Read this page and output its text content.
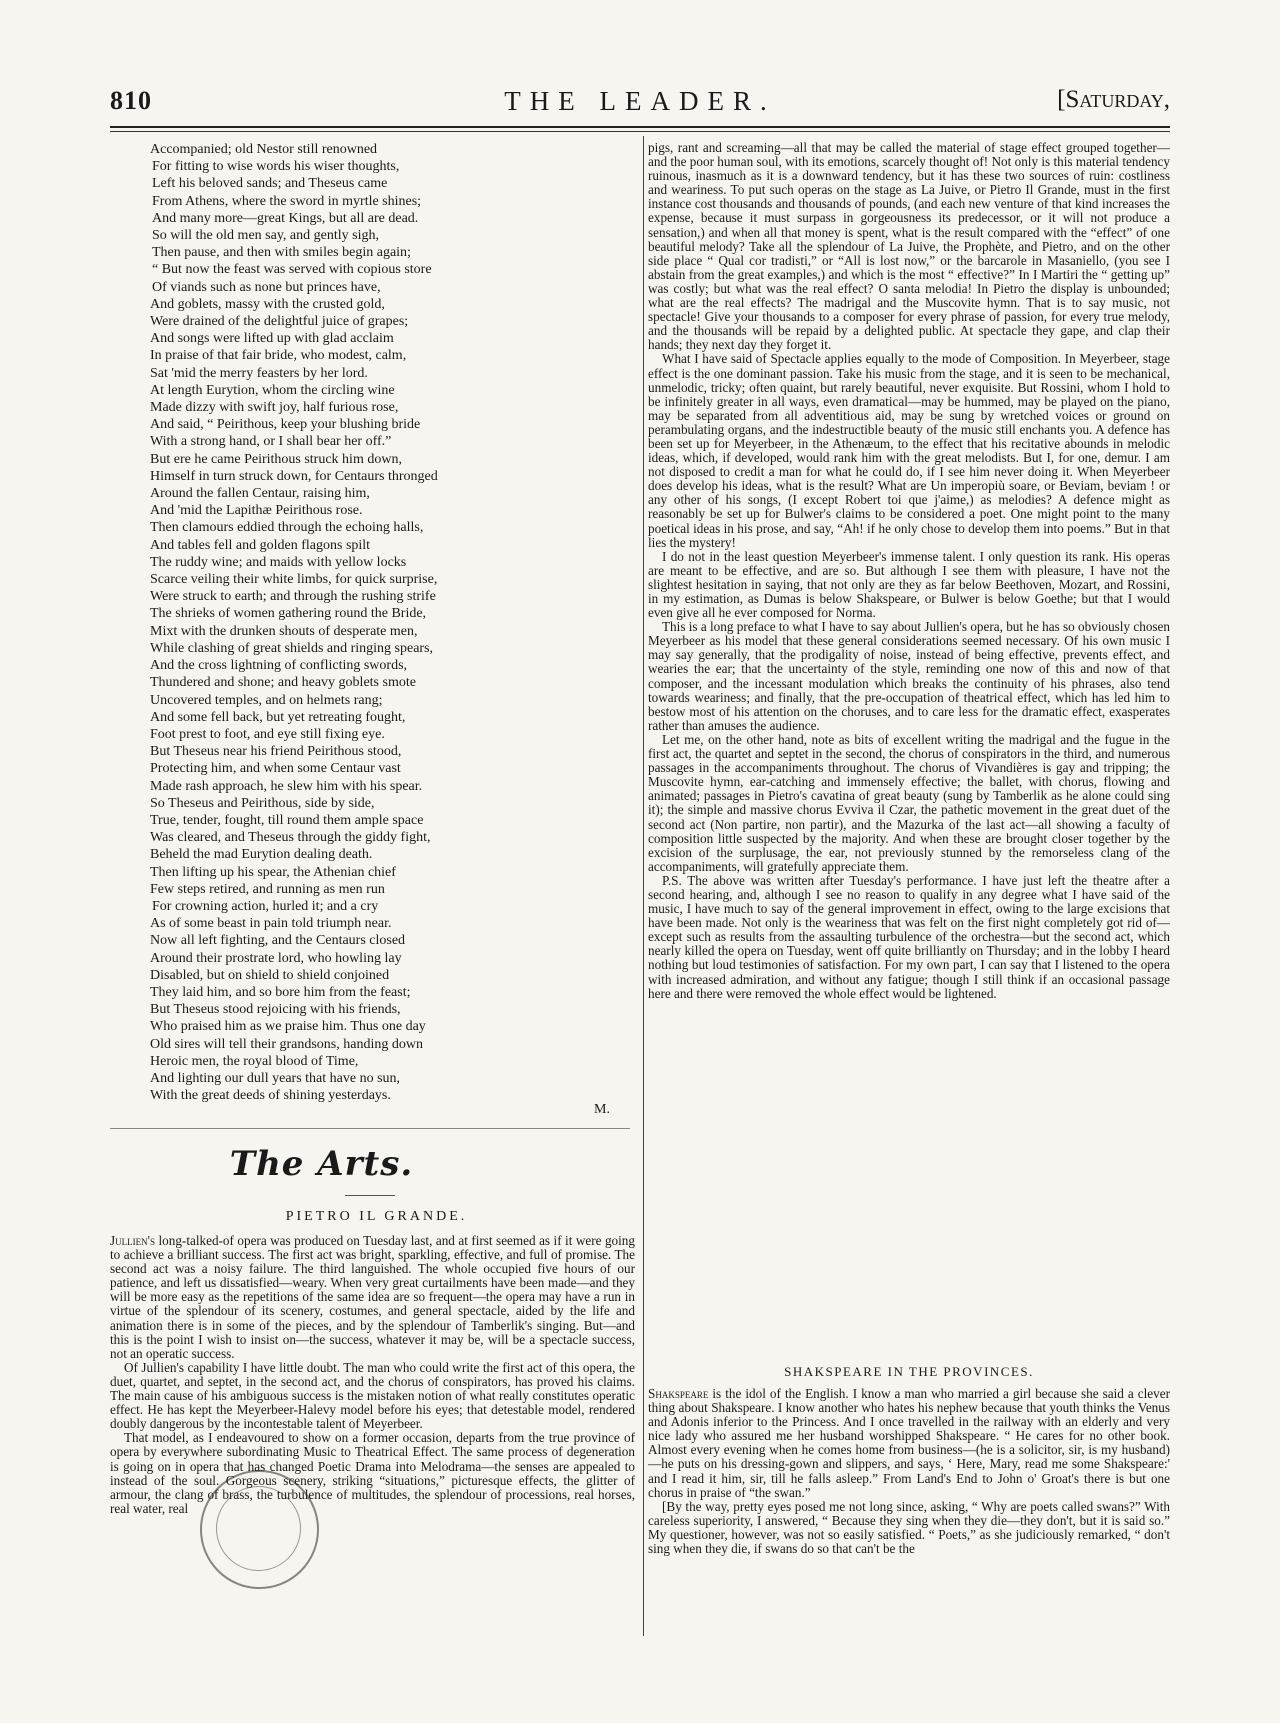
810	THE LEADER.	[Saturday,
Accompanied; old Nestor still renowned
For fitting to wise words his wiser thoughts,
Left his beloved sands; and Theseus came
From Athens, where the sword in myrtle shines;
And many more—great Kings, but all are dead.
So will the old men say, and gently sigh,
Then pause, and then with smiles begin again;
“ But now the feast was served with copious store
Of viands such as none but princes have,
And goblets, massy with the crusted gold,
Were drained of the delightful juice of grapes;
And songs were lifted up with glad acclaim
In praise of that fair bride, who modest, calm,
Sat 'mid the merry feasters by her lord.
At length Eurytion, whom the circling wine
Made dizzy with swift joy, half furious rose,
And said, “ Peirithous, keep your blushing bride
With a strong hand, or I shall bear her off.”
But ere he came Peirithous struck him down,
Himself in turn struck down, for Centaurs thronged
Around the fallen Centaur, raising him,
And 'mid the Lapithæ Peirithous rose.
Then clamours eddied through the echoing halls,
And tables fell and golden flagons spilt
The ruddy wine; and maids with yellow locks
Scarce veiling their white limbs, for quick surprise,
Were struck to earth; and through the rushing strife
The shrieks of women gathering round the Bride,
Mixt with the drunken shouts of desperate men,
While clashing of great shields and ringing spears,
And the cross lightning of conflicting swords,
Thundered and shone; and heavy goblets smote
Uncovered temples, and on helmets rang;
And some fell back, but yet retreating fought,
Foot prest to foot, and eye still fixing eye.
But Theseus near his friend Peirithous stood,
Protecting him, and when some Centaur vast
Made rash approach, he slew him with his spear.
So Theseus and Peirithous, side by side,
True, tender, fought, till round them ample space
Was cleared, and Theseus through the giddy fight,
Beheld the mad Eurytion dealing death.
Then lifting up his spear, the Athenian chief
Few steps retired, and running as men run
For crowning action, hurled it; and a cry
As of some beast in pain told triumph near.
Now all left fighting, and the Centaurs closed
Around their prostrate lord, who howling lay
Disabled, but on shield to shield conjoined
They laid him, and so bore him from the feast;
But Theseus stood rejoicing with his friends,
Who praised him as we praise him. Thus one day
Old sires will tell their grandsons, handing down
Heroic men, the royal blood of Time,
And lighting our dull years that have no sun,
With the great deeds of shining yesterdays.
M.
The Arts.
PIETRO IL GRANDE.

Jullien's long-talked-of opera was produced on Tuesday last, and at first seemed as if it were going to achieve a brilliant success. The first act was bright, sparkling, effective, and full of promise. The second act was a noisy failure. The third languished. The whole occupied five hours of our patience, and left us dissatisfied—weary. When very great curtailments have been made—and they will be more easy as the repetitions of the same idea are so frequent—the opera may have a run in virtue of the splendour of its scenery, costumes, and general spectacle, aided by the life and animation there is in some of the pieces, and by the splendour of Tamberlik's singing. But—and this is the point I wish to insist on—the success, whatever it may be, will be a spectacle success, not an operatic success.

Of Jullien's capability I have little doubt. The man who could write the first act of this opera, the duet, quartet, and septet, in the second act, and the chorus of conspirators, has proved his claims. The main cause of his ambiguous success is the mistaken notion of what really constitutes operatic effect. He has kept the Meyerbeer-Halevy model before his eyes; that detestable model, rendered doubly dangerous by the incontestable talent of Meyerbeer.

That model, as I endeavoured to show on a former occasion, departs from the true province of opera by everywhere subordinating Music to Theatrical Effect. The same process of degeneration is going on in opera that has changed Poetic Drama into Melodrama—the senses are appealed to instead of the soul. Gorgeous scenery, striking “situations,” picturesque effects, the glitter of armour, the clang of brass, the turbulence of multitudes, the splendour of processions, real horses, real water, real

pigs, rant and screaming—all that may be called the material of stage effect grouped together—and the poor human soul, with its emotions, scarcely thought of! Not only is this material tendency ruinous, inasmuch as it is a downward tendency, but it has these two sources of ruin: costliness and weariness. To put such operas on the stage as La Juive, or Pietro Il Grande, must in the first instance cost thousands and thousands of pounds, (and each new venture of that kind increases the expense, because it must surpass in gorgeousness its predecessor, or it will not produce a sensation,) and when all that money is spent, what is the result compared with the “effect” of one beautiful melody? Take all the splendour of La Juive, the Prophète, and Pietro, and on the other side place “ Qual cor tradisti,” or “All is lost now,” or the barcarole in Masaniello, (you see I abstain from the great examples,) and which is the most “ effective?” In I Martiri the “ getting up” was costly; but what was the real effect? O santa melodia! In Pietro the display is unbounded; what are the real effects? The madrigal and the Muscovite hymn. That is to say music, not spectacle! Give your thousands to a composer for every phrase of passion, for every true melody, and the thousands will be repaid by a delighted public. At spectacle they gape, and clap their hands; they next day they forget it.

What I have said of Spectacle applies equally to the mode of Composition. In Meyerbeer, stage effect is the one dominant passion. Take his music from the stage, and it is seen to be mechanical, unmelodic, tricky; often quaint, but rarely beautiful, never exquisite. But Rossini, whom I hold to be infinitely greater in all ways, even dramatical—may be hummed, may be played on the piano, may be separated from all adventitious aid, may be sung by wretched voices or ground on perambulating organs, and the indestructible beauty of the music still enchants you. A defence has been set up for Meyerbeer, in the Athenæum, to the effect that his recitative abounds in melodic ideas, which, if developed, would rank him with the great melodists. But I, for one, demur. I am not disposed to credit a man for what he could do, if I see him never doing it. When Meyerbeer does develop his ideas, what is the result? What are Un imperopiù soare, or Beviam, beviam ! or any other of his songs, (I except Robert toi que j'aime,) as melodies? A defence might as reasonably be set up for Bulwer's claims to be considered a poet. One might point to the many poetical ideas in his prose, and say, “Ah! if he only chose to develop them into poems.” But in that lies the mystery!

I do not in the least question Meyerbeer's immense talent. I only question its rank. His operas are meant to be effective, and are so. But although I see them with pleasure, I have not the slightest hesitation in saying, that not only are they as far below Beethoven, Mozart, and Rossini, in my estimation, as Dumas is below Shakspeare, or Bulwer is below Goethe; but that I would even give all he ever composed for Norma.

This is a long preface to what I have to say about Jullien's opera, but he has so obviously chosen Meyerbeer as his model that these general considerations seemed necessary. Of his own music I may say generally, that the prodigality of noise, instead of being effective, prevents effect, and wearies the ear; that the uncertainty of the style, reminding one now of this and now of that composer, and the incessant modulation which breaks the continuity of his phrases, also tend towards weariness; and finally, that the pre-occupation of theatrical effect, which has led him to bestow most of his attention on the choruses, and to care less for the dramatic effect, exasperates rather than amuses the audience.

Let me, on the other hand, note as bits of excellent writing the madrigal and the fugue in the first act, the quartet and septet in the second, the chorus of conspirators in the third, and numerous passages in the accompaniments throughout. The chorus of Vivandières is gay and tripping; the Muscovite hymn, ear-catching and immensely effective; the ballet, with chorus, flowing and animated; passages in Pietro's cavatina of great beauty (sung by Tamberlik as he alone could sing it); the simple and massive chorus Evviva il Czar, the pathetic movement in the great duet of the second act (Non partire, non partir), and the Mazurka of the last act—all showing a faculty of composition little suspected by the majority. And when these are brought closer together by the excision of the surplusage, the ear, not previously stunned by the remorseless clang of the accompaniments, will gratefully appreciate them.

P.S. The above was written after Tuesday's performance. I have just left the theatre after a second hearing, and, although I see no reason to qualify in any degree what I have said of the music, I have much to say of the general improvement in effect, owing to the large excisions that have been made. Not only is the weariness that was felt on the first night completely got rid of—except such as results from the assaulting turbulence of the orchestra—but the second act, which nearly killed the opera on Tuesday, went off quite brilliantly on Thursday; and in the lobby I heard nothing but loud testimonies of satisfaction. For my own part, I can say that I listened to the opera with increased admiration, and without any fatigue; though I still think if an occasional passage here and there were removed the whole effect would be lightened.

SHAKSPEARE IN THE PROVINCES.

Shakspeare is the idol of the English. I know a man who married a girl because she said a clever thing about Shakspeare. I know another who hates his nephew because that youth thinks the Venus and Adonis inferior to the Princess. And I once travelled in the railway with an elderly and very nice lady who assured me her husband worshipped Shakspeare. “ He cares for no other book. Almost every evening when he comes home from business—(he is a solicitor, sir, is my husband)—he puts on his dressing-gown and slippers, and says, ‘ Here, Mary, read me some Shakspeare:' and I read it him, sir, till he falls asleep.” From Land's End to John o' Groat's there is but one chorus in praise of “the swan.”

[By the way, pretty eyes posed me not long since, asking, “ Why are poets called swans?” With careless superiority, I answered, “ Because they sing when they die—they don't, but it is said so.” My questioner, however, was not so easily satisfied. “ Poets,” as she judiciously remarked, “ don't sing when they die, if swans do so that can't be the
